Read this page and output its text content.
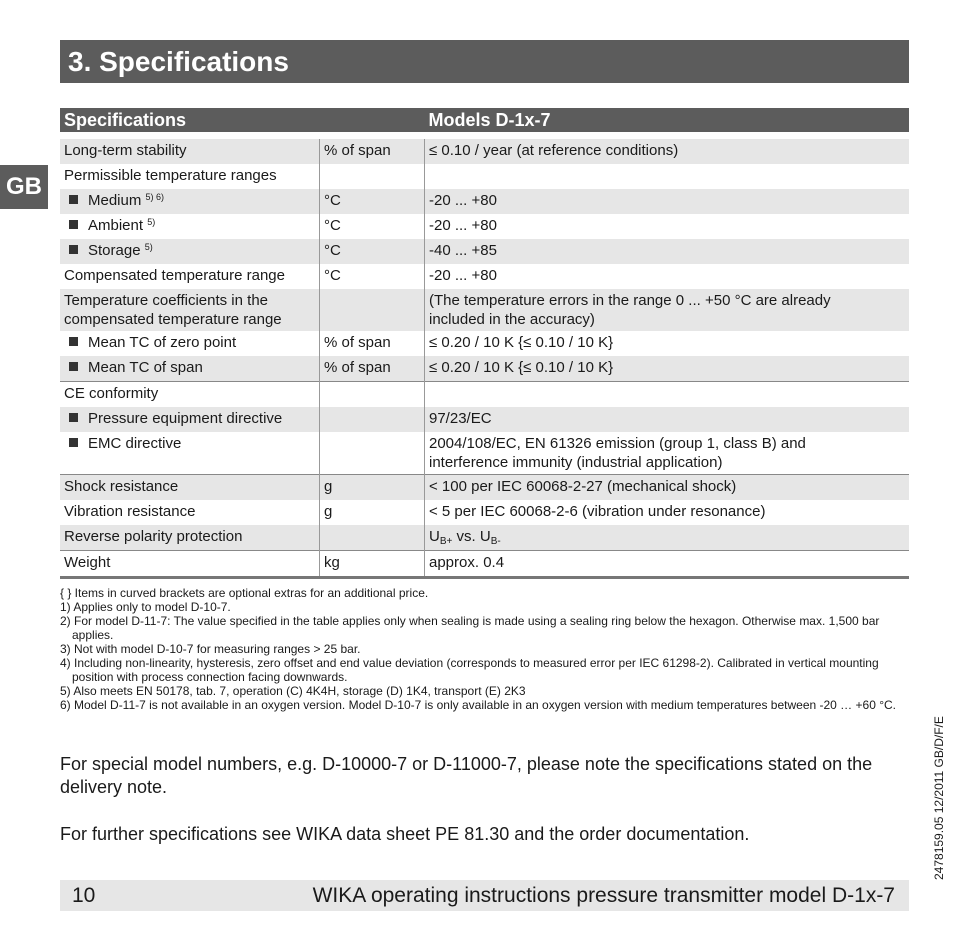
3. Specifications
GB
Specifications		Models D-1x-7

Long-term stability	% of span	≤ 0.10 / year (at reference conditions)
Permissible temperature ranges		
Medium $^{5) 6)}$	°C	-20 ... +80
Ambient $^{5)}$	°C	-20 ... +80
Storage $^{5)}$	°C	-40 ... +85
Compensated temperature range	°C	-20 ... +80
Temperature coefficients in the
compensated temperature range		(The temperature errors in the range 0 ... +50 °C are already
included in the accuracy)
Mean TC of zero point	% of span	≤ 0.20 / 10 K {≤ 0.10 / 10 K}
Mean TC of span	% of span	≤ 0.20 / 10 K {≤ 0.10 / 10 K}
CE conformity		
Pressure equipment directive		97/23/EC
EMC directive		2004/108/EC, EN 61326 emission (group 1, class B) and
interference immunity (industrial application)
Shock resistance	g	< 100 per IEC 60068-2-27 (mechanical shock)
Vibration resistance	g	< 5 per IEC 60068-2-6 (vibration under resonance)
Reverse polarity protection		$U_{B+}$ vs. $U_{B-}$
Weight	kg	approx. 0.4
{ } Items in curved brackets are optional extras for an additional price.
1) Applies only to model D-10-7.
2) For model D-11-7: The value specified in the table applies only when sealing is made using a sealing ring below the hexagon. Otherwise max. 1,500 bar applies.
3) Not with model D-10-7 for measuring ranges > 25 bar.
4) Including non-linearity, hysteresis, zero offset and end value deviation (corresponds to measured error per IEC 61298-2). Calibrated in vertical mounting position with process connection facing downwards.
5) Also meets EN 50178, tab. 7, operation (C) 4K4H, storage (D) 1K4, transport (E) 2K3
6) Model D-11-7 is not available in an oxygen version. Model D-10-7 is only available in an oxygen version with medium temperatures between -20 … +60 °C.

For special model numbers, e.g. D-10000-7 or D-11000-7, please note the specifications stated on the delivery note.

For further specifications see WIKA data sheet PE 81.30 and the order documentation.	2478159.05 12/2011 GB/D/F/E
10	WIKA operating instructions pressure transmitter model D-1x-7
